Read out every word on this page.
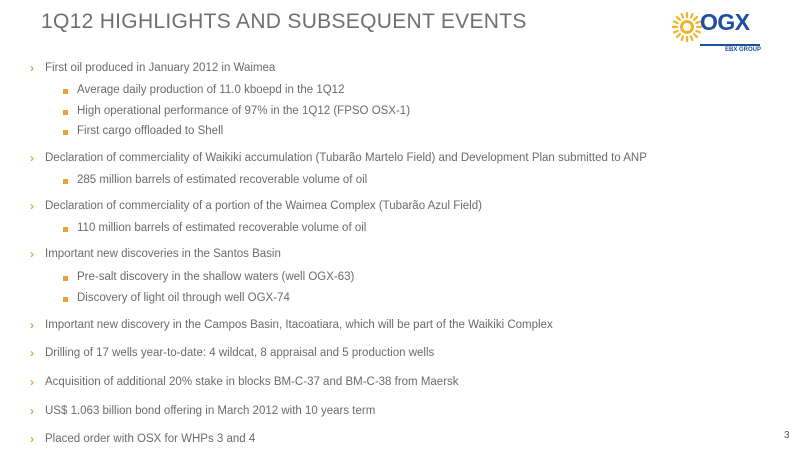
1Q12 HIGHLIGHTS AND SUBSEQUENT EVENTS	OGX
EBX GROUP
› First oil produced in January 2012 in Waimea
Average daily production of 11.0 kboepd in the 1Q12
High operational performance of 97% in the 1Q12 (FPSO OSX-1)
First cargo offloaded to Shell
› Declaration of commerciality of Waikiki accumulation (Tubarão Martelo Field) and Development Plan submitted to ANP
285 million barrels of estimated recoverable volume of oil
› Declaration of commerciality of a portion of the Waimea Complex (Tubarão Azul Field)
110 million barrels of estimated recoverable volume of oil
› Important new discoveries in the Santos Basin
Pre-salt discovery in the shallow waters (well OGX-63)
Discovery of light oil through well OGX-74
› Important new discovery in the Campos Basin, Itacoatiara, which will be part of the Waikiki Complex
› Drilling of 17 wells year-to-date: 4 wildcat, 8 appraisal and 5 production wells
› Acquisition of additional 20% stake in blocks BM-C-37 and BM-C-38 from Maersk
› US$ 1.063 billion bond offering in March 2012 with 10 years term
› Placed order with OSX for WHPs 3 and 4	3
